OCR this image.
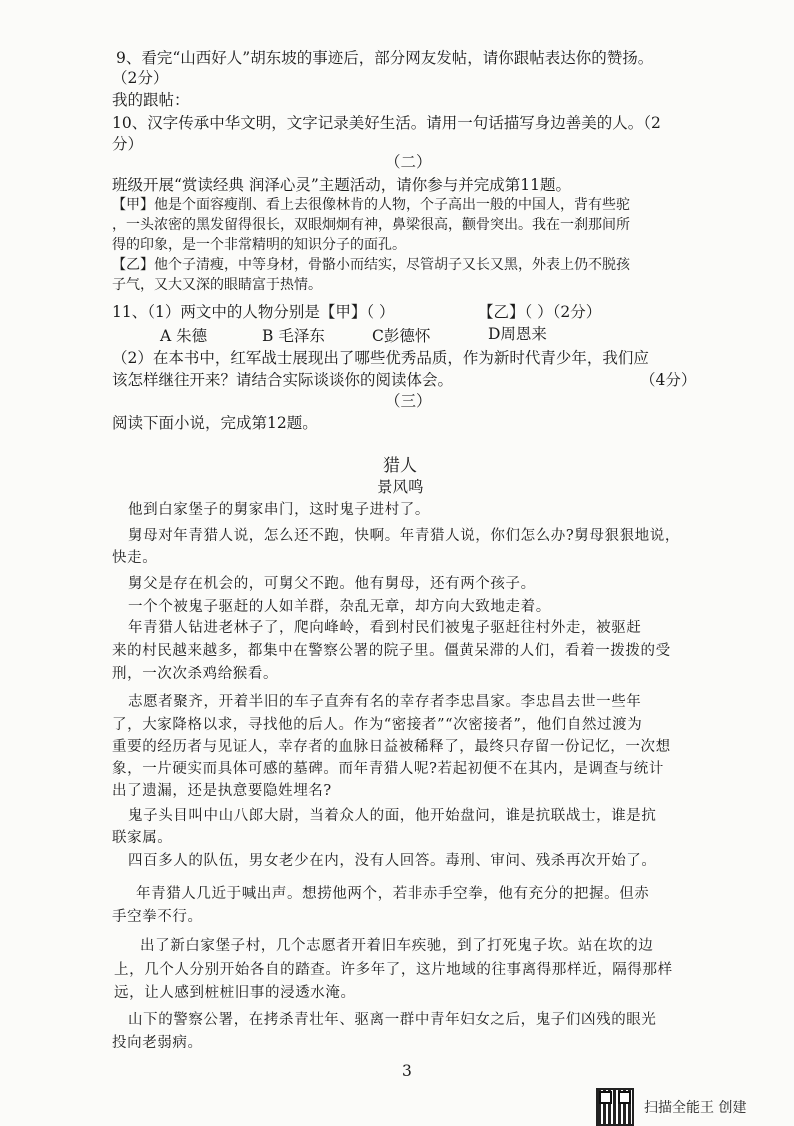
9、看完“山西好人”胡东坡的事迹后，部分网友发帖，请你跟帖表达你的赞扬。
（2分）
我的跟帖：
10、汉字传承中华文明，文字记录美好生活。请用一句话描写身边善美的人。（2
分）
（二）
班级开展“赏读经典 润泽心灵”主题活动，请你参与并完成第11题。
【甲】他是个面容瘦削、看上去很像林肯的人物，个子高出一般的中国人，背有些驼
，一头浓密的黑发留得很长，双眼炯炯有神，鼻梁很高，颧骨突出。我在一刹那间所
得的印象，是一个非常精明的知识分子的面孔。
【乙】他个子清瘦，中等身材，骨骼小而结实，尽管胡子又长又黑，外表上仍不脱孩
子气，又大又深的眼睛富于热情。
11、（1）两文中的人物分别是【甲】（ ）	【乙】（ ）（2分）
A 朱德	B 毛泽东	C彭德怀	D周恩来
（2）在本书中，红军战士展现出了哪些优秀品质，作为新时代青少年，我们应
该怎样继往开来？请结合实际谈谈你的阅读体会。	（4分）
（三）
阅读下面小说，完成第12题。
猎人
景风鸣
他到白家堡子的舅家串门，这时鬼子进村了。
舅母对年青猎人说，怎么还不跑，快啊。年青猎人说，你们怎么办?舅母狠狠地说，
快走。
舅父是存在机会的，可舅父不跑。他有舅母，还有两个孩子。
一个个被鬼子驱赶的人如羊群，杂乱无章，却方向大致地走着。
年青猎人钻进老林子了，爬向峰岭，看到村民们被鬼子驱赶往村外走，被驱赶
来的村民越来越多，都集中在警察公署的院子里。僵黄呆滞的人们，看着一拨拨的受
刑，一次次杀鸡给猴看。
志愿者聚齐，开着半旧的车子直奔有名的幸存者李忠昌家。李忠昌去世一些年
了，大家降格以求，寻找他的后人。作为“密接者”“次密接者”，他们自然过渡为
重要的经历者与见证人，幸存者的血脉日益被稀释了，最终只存留一份记忆，一次想
象，一片硬实而具体可感的墓碑。而年青猎人呢?若起初便不在其内，是调查与统计
出了遗漏，还是执意要隐姓埋名?
鬼子头目叫中山八郎大尉，当着众人的面，他开始盘问，谁是抗联战士，谁是抗
联家属。
四百多人的队伍，男女老少在内，没有人回答。毒刑、审问、残杀再次开始了。
年青猎人几近于喊出声。想捞他两个，若非赤手空拳，他有充分的把握。但赤
手空拳不行。
出了新白家堡子村，几个志愿者开着旧车疾驰，到了打死鬼子坎。站在坎的边
上，几个人分别开始各自的踏查。许多年了，这片地域的往事离得那样近，隔得那样
远，让人感到桩桩旧事的浸透水淹。
山下的警察公署，在拷杀青壮年、驱离一群中青年妇女之后，鬼子们凶残的眼光
投向老弱病。
3
扫描全能王 创建
